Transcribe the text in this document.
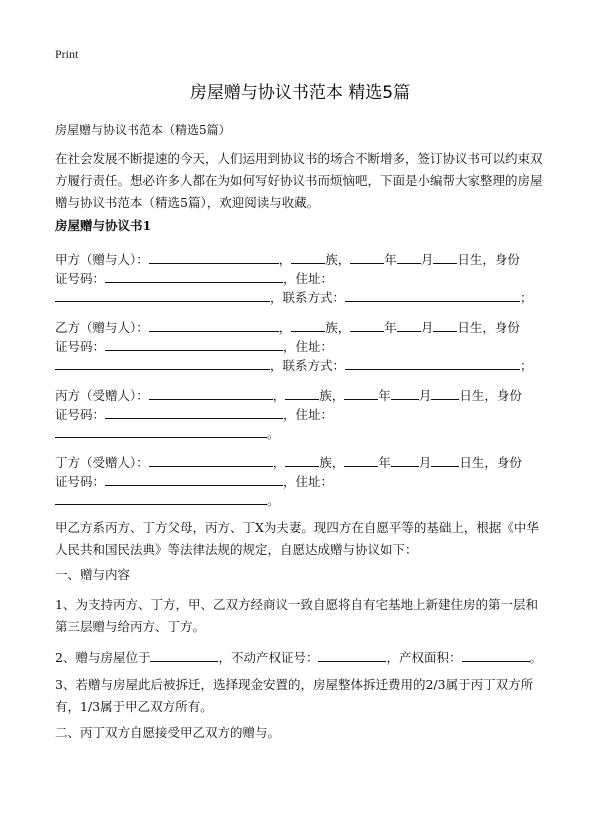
Print
房屋赠与协议书范本 精选5篇
房屋赠与协议书范本（精选5篇）
在社会发展不断提速的今天，人们运用到协议书的场合不断增多，签订协议书可以约束双方履行责任。想必许多人都在为如何写好协议书而烦恼吧，下面是小编帮大家整理的房屋赠与协议书范本（精选5篇），欢迎阅读与收藏。
房屋赠与协议书1
甲方（赠与人）：	，	族，	年 月 日生，身份
证号码：	，住址：
，联系方式：	；
乙方（赠与人）：	，	族，	年 月 日生，身份
证号码：	，住址：
，联系方式：	；
丙方（受赠人）：	，	族，	年 月 日生，身份
证号码：	，住址：
。
丁方（受赠人）：	，	族，	年 月 日生，身份
证号码：	，住址：
。
甲乙方系丙方、丁方父母，丙方、丁X为夫妻。现四方在自愿平等的基础上，根据《中华人民共和国民法典》等法律法规的规定，自愿达成赠与协议如下：
一、赠与内容
1、为支持丙方、丁方，甲、乙双方经商议一致自愿将自有宅基地上新建住房的第一层和第三层赠与给丙方、丁方。
2、赠与房屋位于	，不动产权证号：	，产权面积：	。
3、若赠与房屋此后被拆迁，选择现金安置的，房屋整体拆迁费用的2/3属于丙丁双方所有，1/3属于甲乙双方所有。
二、丙丁双方自愿接受甲乙双方的赠与。
